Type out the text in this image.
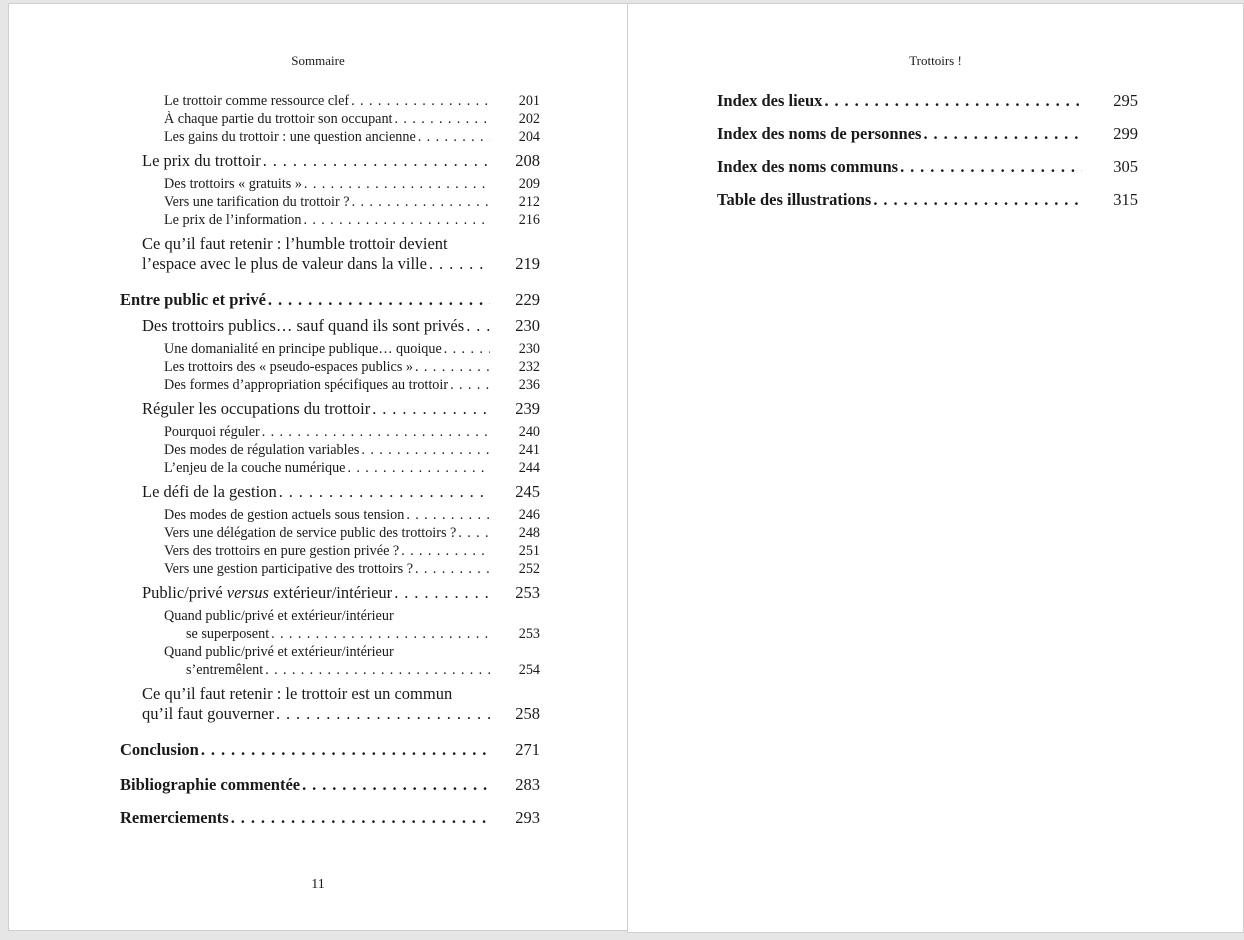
Sommaire
Le trottoir comme ressource clef . . .	201
À chaque partie du trottoir son occupant . . .	202
Les gains du trottoir : une question ancienne . . .	204
Le prix du trottoir . . .	208
Des trottoirs « gratuits » . . .	209
Vers une tarification du trottoir ? . . .	212
Le prix de l’information . . .	216
Ce qu’il faut retenir : l’humble trottoir devient
l’espace avec le plus de valeur dans la ville . . .	219
Entre public et privé . . .	229
Des trottoirs publics… sauf quand ils sont privés . . .	230
Une domanialité en principe publique… quoique . . .	230
Les trottoirs des « pseudo-espaces publics » . . .	232
Des formes d’appropriation spécifiques au trottoir . . .	236
Réguler les occupations du trottoir . . .	239
Pourquoi réguler . . .	240
Des modes de régulation variables . . .	241
L’enjeu de la couche numérique . . .	244
Le défi de la gestion . . .	245
Des modes de gestion actuels sous tension . . .	246
Vers une délégation de service public des trottoirs ? . . .	248
Vers des trottoirs en pure gestion privée ? . . .	251
Vers une gestion participative des trottoirs ? . . .	252
Public/privé versus extérieur/intérieur . . .	253
Quand public/privé et extérieur/intérieur
se superposent . . .	253
Quand public/privé et extérieur/intérieur
s’entremêlent . . .	254
Ce qu’il faut retenir : le trottoir est un commun
qu’il faut gouverner . . .	258
Conclusion . . .	271
Bibliographie commentée . . .	283
Remerciements . . .	293
11
Trottoirs !
Index des lieux . . .	295
Index des noms de personnes . . .	299
Index des noms communs . . .	305
Table des illustrations . . .	315
